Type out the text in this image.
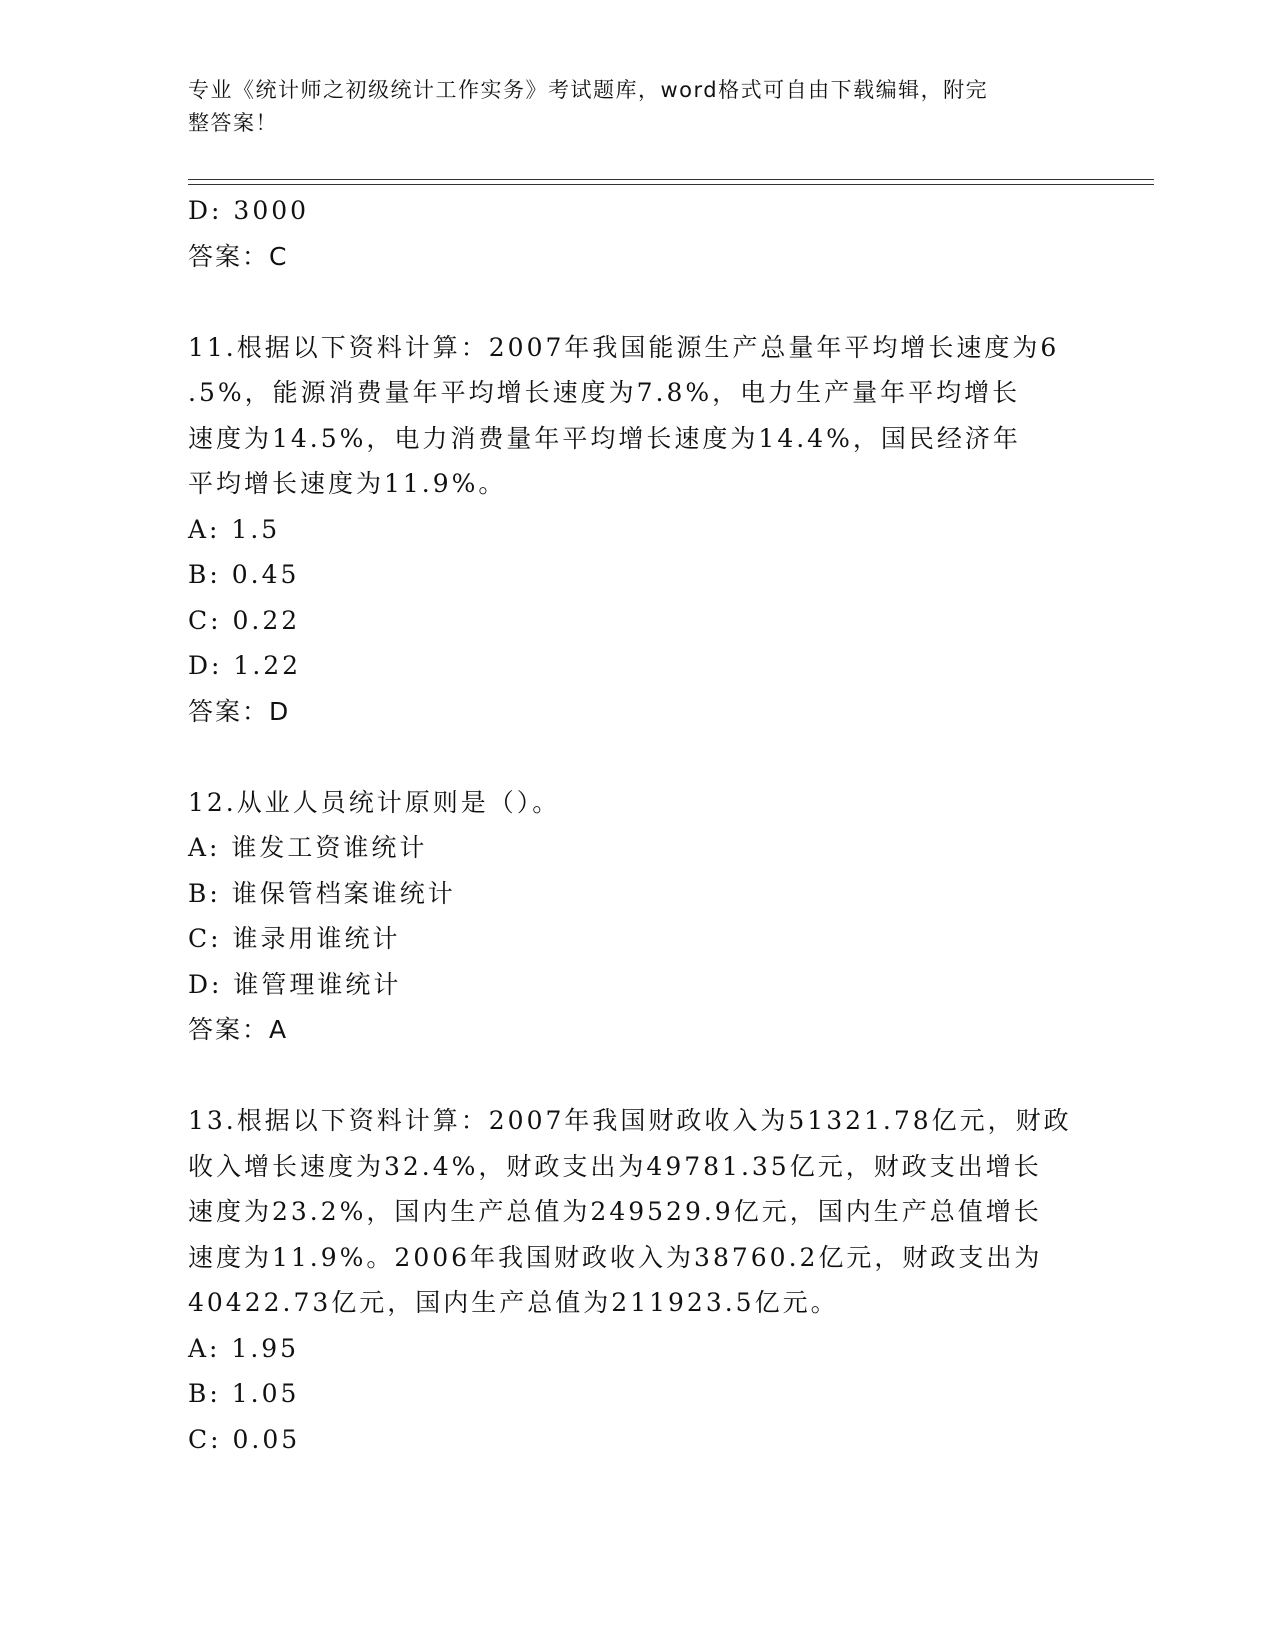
专业《统计师之初级统计工作实务》考试题库，word格式可自由下载编辑，附完
整答案！
D: 3000
答案：C
11.根据以下资料计算：2007年我国能源生产总量年平均增长速度为6
.5%，能源消费量年平均增长速度为7.8%，电力生产量年平均增长
速度为14.5%，电力消费量年平均增长速度为14.4%，国民经济年
平均增长速度为11.9%。
A: 1.5
B: 0.45
C: 0.22
D: 1.22
答案：D
12.从业人员统计原则是（）。
A: 谁发工资谁统计
B: 谁保管档案谁统计
C: 谁录用谁统计
D: 谁管理谁统计
答案：A
13.根据以下资料计算：2007年我国财政收入为51321.78亿元，财政
收入增长速度为32.4%，财政支出为49781.35亿元，财政支出增长
速度为23.2%，国内生产总值为249529.9亿元，国内生产总值增长
速度为11.9%。2006年我国财政收入为38760.2亿元，财政支出为
40422.73亿元，国内生产总值为211923.5亿元。
A: 1.95
B: 1.05
C: 0.05
